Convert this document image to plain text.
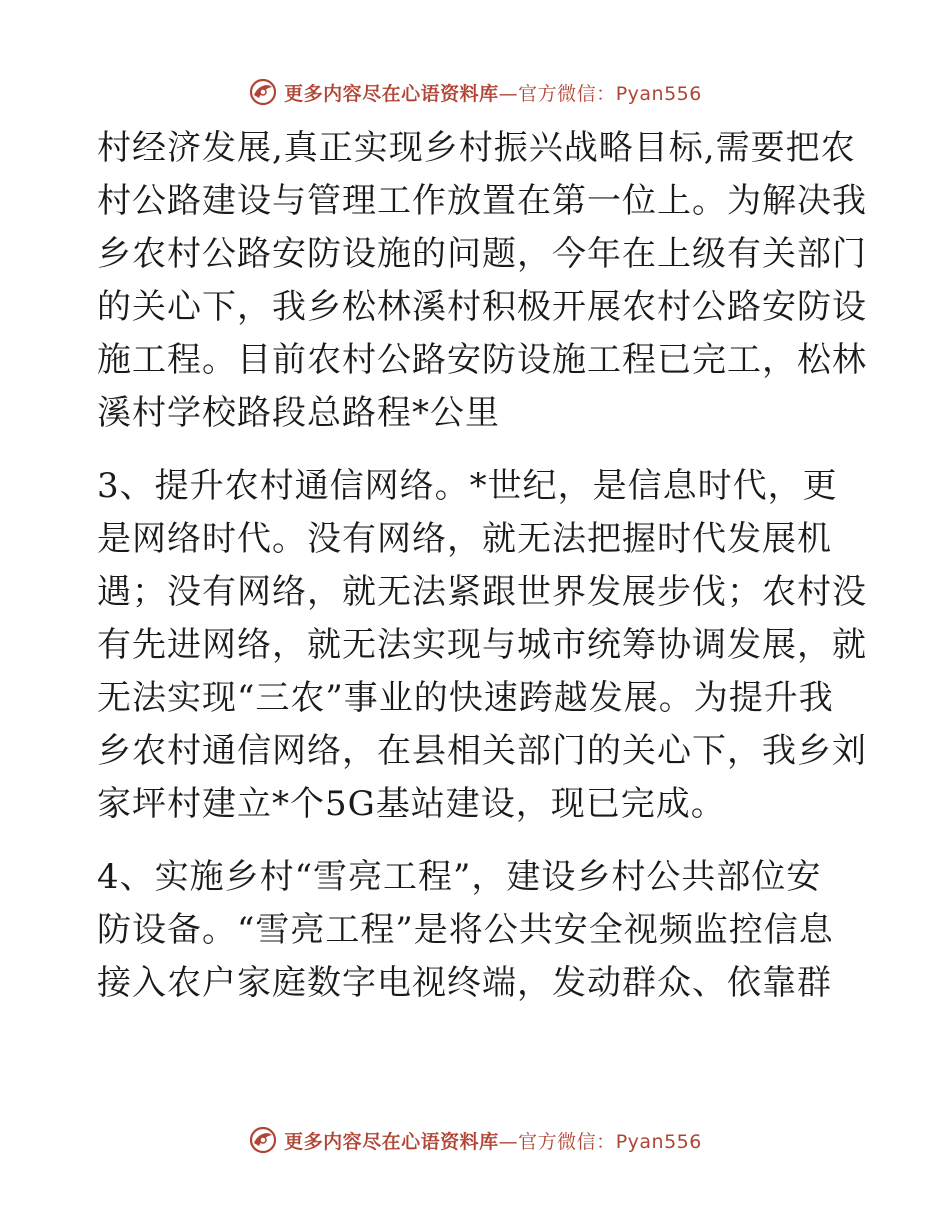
更多内容尽在心语资料库—官方微信：Pyan556
村经济发展,真正实现乡村振兴战略目标,需要把农
村公路建设与管理工作放置在第一位上。为解决我
乡农村公路安防设施的问题，今年在上级有关部门
的关心下，我乡松林溪村积极开展农村公路安防设
施工程。目前农村公路安防设施工程已完工，松林
溪村学校路段总路程*公里
3、提升农村通信网络。*世纪，是信息时代，更
是网络时代。没有网络，就无法把握时代发展机
遇；没有网络，就无法紧跟世界发展步伐；农村没
有先进网络，就无法实现与城市统筹协调发展，就
无法实现“三农”事业的快速跨越发展。为提升我
乡农村通信网络，在县相关部门的关心下，我乡刘
家坪村建立*个5G基站建设，现已完成。
4、实施乡村“雪亮工程”，建设乡村公共部位安
防设备。“雪亮工程”是将公共安全视频监控信息
接入农户家庭数字电视终端，发动群众、依靠群
更多内容尽在心语资料库—官方微信：Pyan556
